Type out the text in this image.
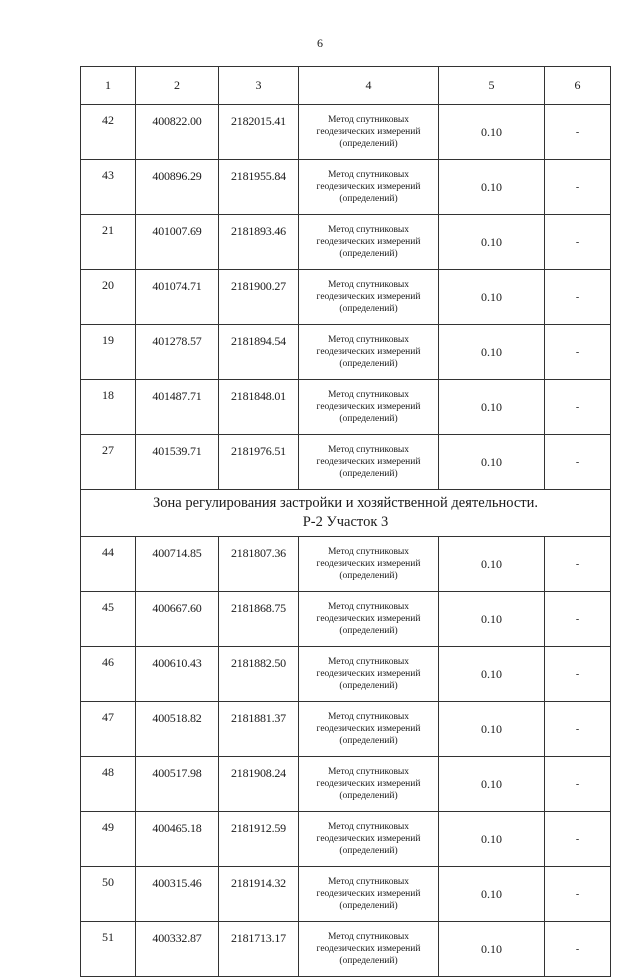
6
1	2	3	4	5	6
42	400822.00	2182015.41	Метод спутниковых
геодезических измерений
(определений)	0.10	-
43	400896.29	2181955.84	Метод спутниковых
геодезических измерений
(определений)	0.10	-
21	401007.69	2181893.46	Метод спутниковых
геодезических измерений
(определений)	0.10	-
20	401074.71	2181900.27	Метод спутниковых
геодезических измерений
(определений)	0.10	-
19	401278.57	2181894.54	Метод спутниковых
геодезических измерений
(определений)	0.10	-
18	401487.71	2181848.01	Метод спутниковых
геодезических измерений
(определений)	0.10	-
27	401539.71	2181976.51	Метод спутниковых
геодезических измерений
(определений)	0.10	-

Зона регулирования застройки и хозяйственной деятельности.
Р-2 Участок 3					

44	400714.85	2181807.36	Метод спутниковых
геодезических измерений
(определений)	0.10	-
45	400667.60	2181868.75	Метод спутниковых
геодезических измерений
(определений)	0.10	-
46	400610.43	2181882.50	Метод спутниковых
геодезических измерений
(определений)	0.10	-
47	400518.82	2181881.37	Метод спутниковых
геодезических измерений
(определений)	0.10	-
48	400517.98	2181908.24	Метод спутниковых
геодезических измерений
(определений)	0.10	-
49	400465.18	2181912.59	Метод спутниковых
геодезических измерений
(определений)	0.10	-
50	400315.46	2181914.32	Метод спутниковых
геодезических измерений
(определений)	0.10	-
51	400332.87	2181713.17	Метод спутниковых
геодезических измерений
(определений)	0.10	-
